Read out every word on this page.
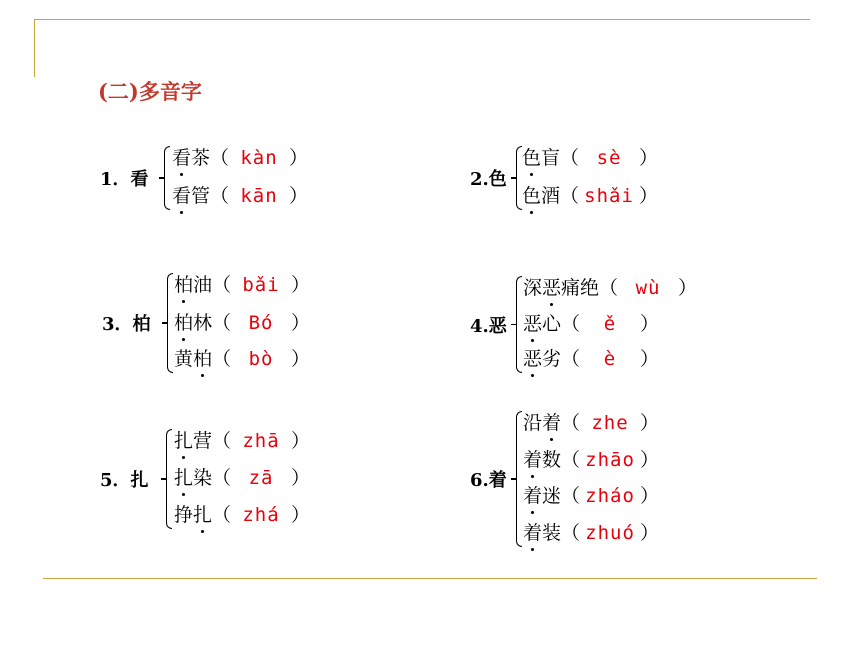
(二)多音字
1．看
看茶
（ kàn ）
看管
（ kān ）
2.色
色盲
（ sè ）
色酒
（ shǎi ）
3．柏
柏油
（ bǎi ）
柏林
（ Bó ）
黄柏
（ bò ）
4.恶
深恶痛绝
（ wù ）
恶心
（ ě ）
恶劣
（ è ）
5．扎
扎营
（ zhā ）
扎染
（ zā ）
挣扎
（ zhá ）
6.着
沿着
（ zhe ）
着数
（ zhāo ）
着迷
（ zháo ）
着装
（ zhuó ）
